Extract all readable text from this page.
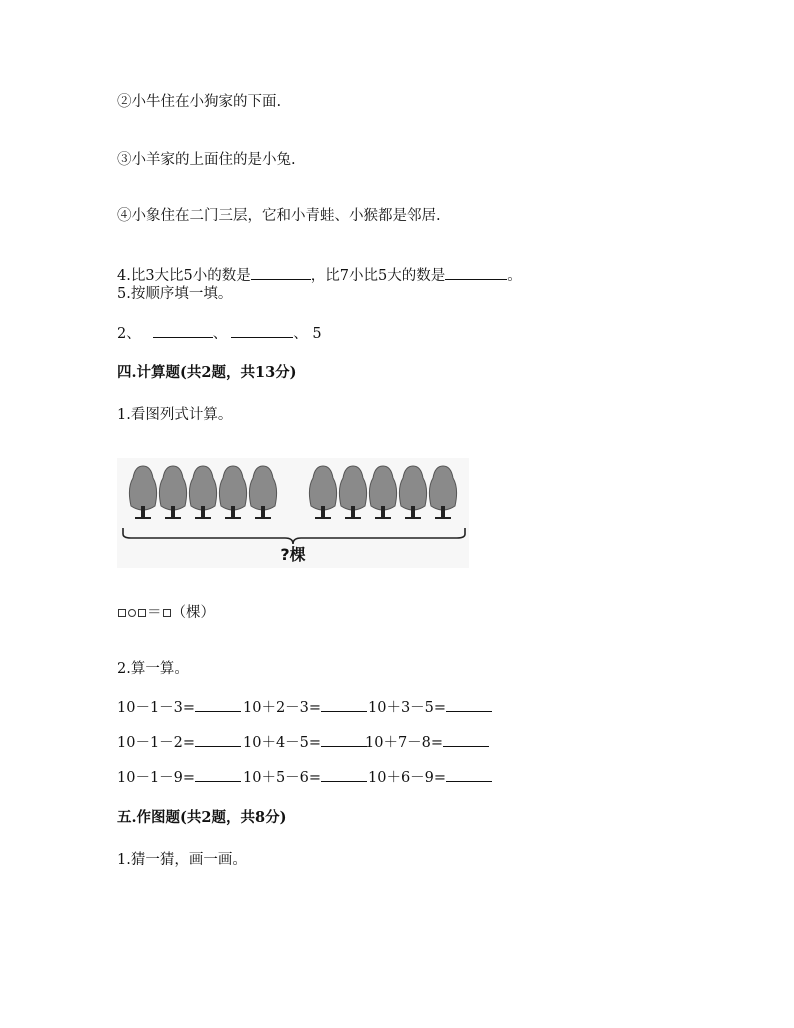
②小牛住在小狗家的下面.
③小羊家的上面住的是小兔.
④小象住在二门三层，它和小青蛙、小猴都是邻居.
4.比3大比5小的数是	，比7小比5大的数是	。
5.按顺序填一填。
2、	、	、 5
四.计算题(共2题，共13分)
1.看图列式计算。
?棵
＝ （棵）
2.算一算。
10－1－3=	10＋2－3=	10＋3－5=
10－1－2=	10＋4－5=	10＋7－8=
10－1－9=	10＋5－6=	10＋6－9=
五.作图题(共2题，共8分)
1.猜一猜，画一画。
